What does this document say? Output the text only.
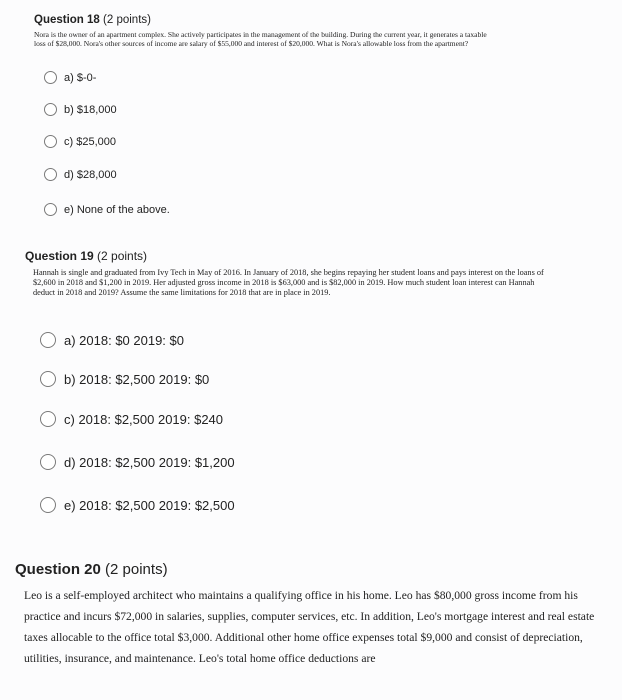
Question 18 (2 points)
Nora is the owner of an apartment complex. She actively participates in the management of the building. During the current year, it generates a taxable loss of $28,000. Nora's other sources of income are salary of $55,000 and interest of $20,000. What is Nora's allowable loss from the apartment?
a) $-0-
b) $18,000
c) $25,000
d) $28,000
e) None of the above.
Question 19 (2 points)
Hannah is single and graduated from Ivy Tech in May of 2016. In January of 2018, she begins repaying her student loans and pays interest on the loans of $2,600 in 2018 and $1,200 in 2019. Her adjusted gross income in 2018 is $63,000 and is $82,000 in 2019. How much student loan interest can Hannah deduct in 2018 and 2019? Assume the same limitations for 2018 that are in place in 2019.
a) 2018: $0 2019: $0
b) 2018: $2,500 2019: $0
c) 2018: $2,500 2019: $240
d) 2018: $2,500 2019: $1,200
e) 2018: $2,500 2019: $2,500
Question 20 (2 points)
Leo is a self-employed architect who maintains a qualifying office in his home. Leo has $80,000 gross income from his practice and incurs $72,000 in salaries, supplies, computer services, etc. In addition, Leo's mortgage interest and real estate taxes allocable to the office total $3,000. Additional other home office expenses total $9,000 and consist of depreciation, utilities, insurance, and maintenance. Leo's total home office deductions are
